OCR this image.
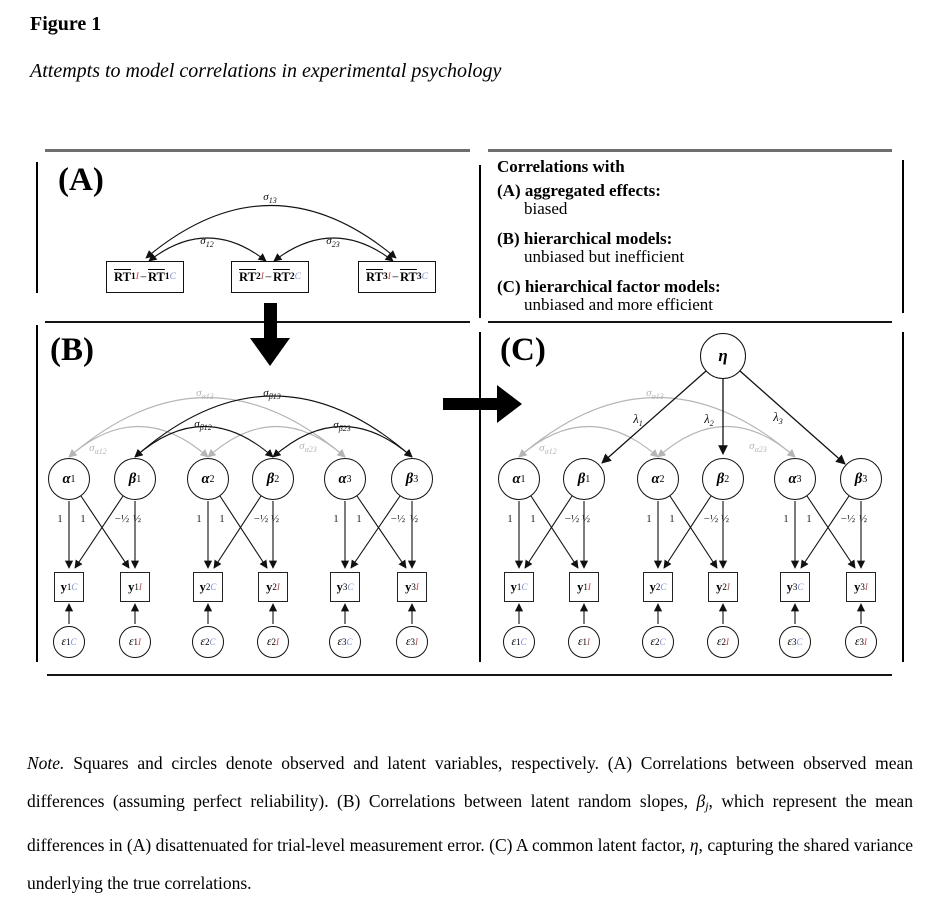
Figure 1
Attempts to model correlations in experimental psychology
$\sigma_{12}$
$\sigma_{13}$
$\sigma_{23}$
$\sigma_{\alpha 12}$
$\sigma_{\alpha 13}$
$\sigma_{\alpha 23}$
$\sigma_{\beta 12}$
$\sigma_{\beta 13}$
$\sigma_{\beta 23}$
$\sigma_{\alpha 12}$
$\sigma_{\alpha 13}$
$\sigma_{\alpha 23}$
$\lambda_1$	$\lambda_2$	$\lambda_3$
1 1	−½ ½	1 1	−½ ½	1 1	−½ ½	1 1	−½ ½	1 1	−½ ½	1 1	−½ ½
$\overline{RT}$ $1I - \overline{RT}$ 1C	$\overline{RT}$ $2I - \overline{RT}$ 2C	$\overline{RT}$ $3I - \overline{RT}$ 3C
α 1
y 1C
ε 1C
β 1
y 1I
ε 1I
α 2
y 2C
ε 2C
β 2
y 2I
ε 2I
α 3
y 3C
ε 3C
β 3
y 3I
ε 3I
α 1
y 1C
ε 1C
β 1
y 1I
ε 1I
α 2
y 2C
ε 2C
β 2
y 2I
ε 2I
α 3
y 3C
ε 3C
β 3
y 3I
ε 3I
(A)
(B)	(C)	η
Correlations with
(A) aggregated effects:
biased
(B) hierarchical models:
unbiased but inefficient
(C) hierarchical factor models:
unbiased and more efficient

Note. Squares and circles denote observed and latent variables, respectively. (A) Correlations between observed mean differences (assuming perfect reliability). (B) Correlations between latent random slopes, βj, which represent the mean differences in (A) disattenuated for trial-level measurement error. (C) A common latent factor, η, capturing the shared variance underlying the true correlations.
